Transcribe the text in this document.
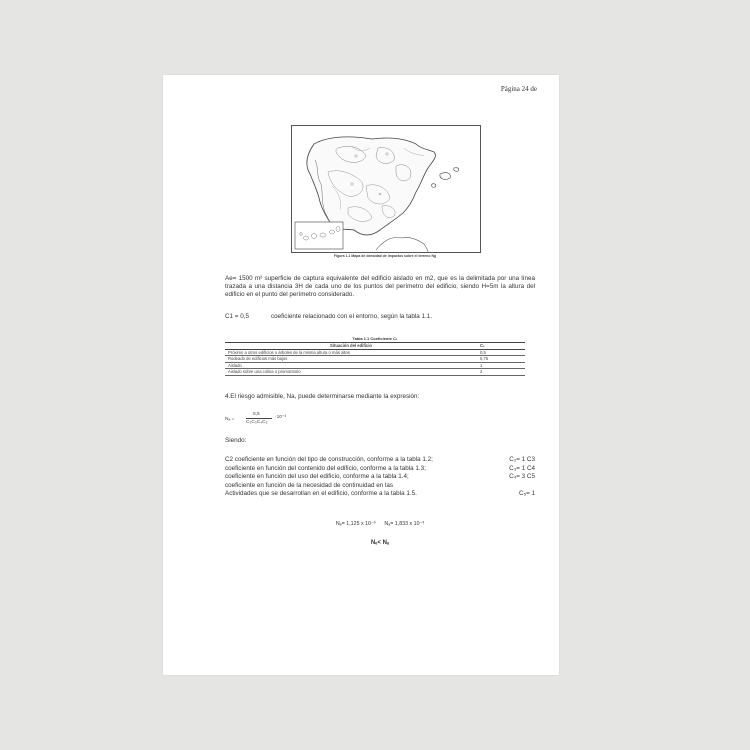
Página 24 de
Figura 1.1 Mapa de densidad de impactos sobre el terreno Ng
Ae= 1500 m² superficie de captura equivalente del edificio aislado en m2, que es la delimitada por una línea trazada a una distancia 3H de cada uno de los puntos del perímetro del edificio, siendo H=5m la altura del edificio en el punto del perímetro considerado.
C1 = 0,5	coeficiente relacionado con el entorno, según la tabla 1.1.
Tabla 1.1 Coeficiente C₁
Situación del edificio	C₁
Próximo a otros edificios o árboles de la misma altura o más altos	0,5
Rodeado de edificios más bajos	0,75
Aislado	1
Aislado sobre una colina o promontorio	2
4.El riesgo admisible, Na, puede determinarse mediante la expresión:
Nₐ =
5,5
C₂C₃C₄C₅
·10⁻³
Siendo:
C2 coeficiente en función del tipo de construcción, conforme a la tabla 1.2;	C₂= 1 C3
coeficiente en función del contenido del edificio, conforme a la tabla 1.3;	C₃= 1 C4
coeficiente en función del uso del edificio, conforme a la tabla 1.4;	C₄= 3 C5
coeficiente en función de la necesidad de continuidad en las
Actividades que se desarrollan en el edificio, conforme a la tabla 1.5.	C₅= 1
Nₑ= 1,125 x 10⁻³ Nₐ= 1,833 x 10⁻³
Nₑ< Nₐ
